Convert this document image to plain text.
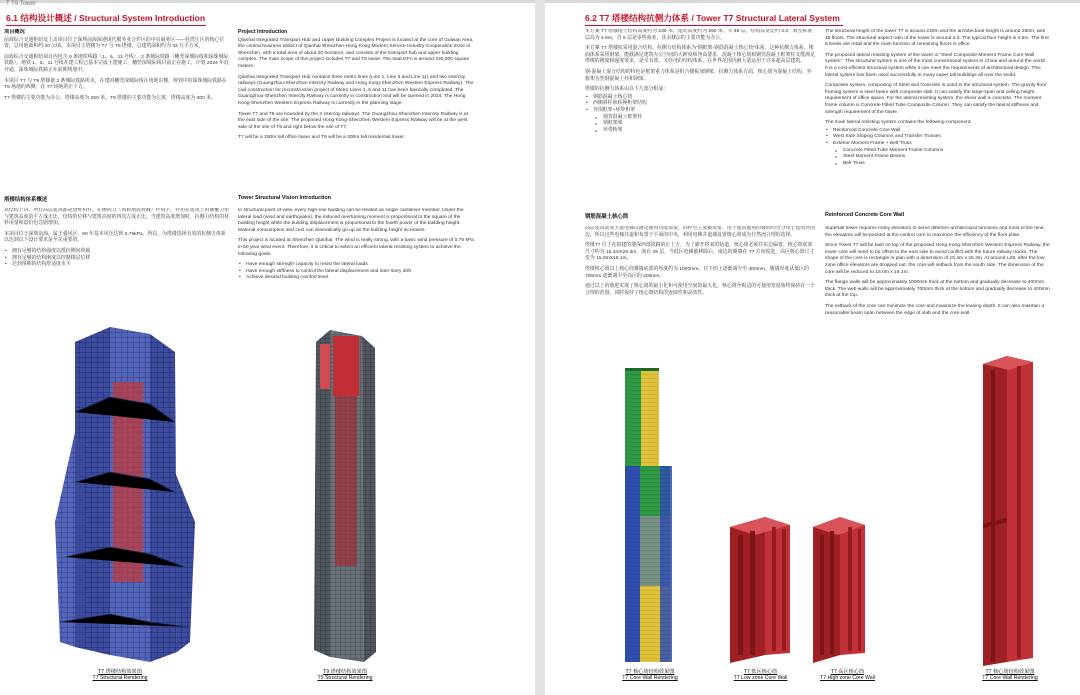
T T9 Tower
6.1 结构设计概述 / Structural System Introduction
项目概况

前海综合交通枢纽及上盖项目位于深圳前海深港现代服务业合作区的中央商务区——桂湾片区的核心位置，总用地面积约 20 公顷。本项目主塔楼为 T7 与 T9 塔楼，总建筑面积约为 33 万平方米。

前海综合交通枢纽项目内包含 9 条地铁线路（1、5、11 号线），2 条城际铁路（穗莞深城际线和深珠城际铁路）。地铁 1、5、11 号线在建工程已基本完成土建施工，穗莞深城际线目前正在施工，计划 2024 年底开通，深珠城际铁路正在前期规划中。

本项目 T7 与 T9 塔楼被 2 条城际铁路所夹，在建的穗莞深城际线在场地东侧，规划中的深珠城际铁路在 T9 场地的西侧，在 T7 场地的正下方。

T7 塔楼的主要功能为办公，塔楼高度为 250 米。T9 塔楼的主要功能为公寓，塔楼高度为 300 米。

Project Introduction

Qianhai Integrated Transport Hub and Upper Building Complex Project is located at the core of Guiwan Area, the central business district of Qianhai Shenzhen-Hong Kong Modern Service Industry Cooperation Zone in Shenzhen, with a total area of about 20 hectares, and consists of the transport hub and upper building complex. The main scope of this project includes T7 and T9 tower. The total GFA is around 330,000 square meters.

Qianhai Integrated Transport Hub contains three metro lines (Line 1, Line 5 and Line 11) and two intercity railways (Guangzhou-Shenzhen Intercity Railway and Hong Kong-Shenzhen Western Express Railway). The civil construction for reconstruction project of Metro Lines 1, 5 and 11 has been basically completed. The Guangzhou-Shenzhen Intercity Railway is currently in construction and will be opened in 2024. The Hong Kong-Shenzhen Western Express Railway is currently in the planning stage.

Tower T7 and T9 are bounded by the 2 intercity railways. The Guangzhou-Shenzhen Intercity Railway is at the east side of the site. The proposed Hong Kong-Shenzhen Western Express Railway will be at the west side of the site of T9 and right below the site of T7.

T7 will be a 250m tall office tower and T9 will be a 300m tall residential tower.

塔楼结构体系概述

从结构上讲，所有高层建筑都是悬臂构件。在侧向力（风和地震荷载）作用下，作用在建筑上的倾覆力矩与建筑高度的平方成正比，结构的位移与建筑高度的四次方成正比。当建筑高度增加时，抗侧力结构的材料用量和造价也急剧增加。

本项目位于深圳前海，属于强风区，50 年基本风压达到 0.75kPa。所以，为塔楼选择有效的抗侧力体系以达到以下设计要求是至关重要的。

• 拥有足够的结构强度以抵抗侧向荷载
• 拥有足够的结构刚度以控制楼层位移
• 达到预期的结构舒适度水平
Tower Structural Vision Introduction

In structural point of view, every high-rise building can be treated as single cantilever member. Under the lateral load (wind and earthquake), the induced overturning moment is proportional to the square of the building height while the building displacement is proportional to the fourth power of the building height. Material consumption and cost can dramatically go up as the building height increases.

This project is located at Shenzhen Qianhai. The wind is really strong, with a basic wind pressure of 0.75 kPa in 50 year wind event. Therefore, it is critical to select an efficient lateral resisting system to achieve the following goals.

• Have enough strength capacity to resist the lateral loads
• Have enough stiffness to control the lateral displacement and inter-story drift.
• Achieve desired building comfort level.
T7 塔楼结构效果图
T7 Structural Rendering
T9 塔楼结构效果图
T9 Structural Rendering
6.2 T7 塔楼结构抗侧力体系 / Tower T7 Structural Lateral System

本方案 T7 塔楼地上结构高度约为 230 米，建筑高度约为 250 米，共 48 层，结构高宽比约 4.3，典型标准层高为 4.5m，首 5 层是零售商业，其余楼层的主要功能为办公。

本方案 T7 塔楼拟采用混合结构，抗侧力结构体系为“钢框架-钢筋混凝土核心筒”体系，这种抗侧力体系，楼面体系采用钢梁，能截满足建筑办公空间的大跨度和净高要求，混凝土核心筒和钢管混凝土框架柱又能满足塔楼的刚度和强度要求，是又有效、又经济的结构体系，在世界范围内被大量运用于许多超高层建筑。

钢-混凝土混合结构的特色是框架重力体系是组合楼板加钢梁，抗侧力体系方面，核心筒为混凝土结构，外框架为型钢混凝土柱和钢梁。

塔楼的抗侧力体系由以下几部分组成：

• 钢筋混凝土核心筒
• 西侧斜柱和转换桁架结构
• 外围框架+环带桁架
o 钢管混凝土框架柱
o 钢框架梁
o 环带桁架

The structural height of the tower T7 is around 230m and the architectural height is around 250m, with 48 floors. The structural aspect ratio of the tower is around 4.3. The typical floor height is 4.5m. The first 5 levels are retail and the main function of remaining floors is office.

The proposed lateral resisting system of the tower is "Steel Composite Moment Frame Core Wall system". This structural system is one of the most conventional system in China and around the world. It is a cost-efficient structural system while it can meet the requirements of architectural design. This lateral system has been used successfully in many super tall buildings all over the world.

Composite system, composing of Steel and Concrete is used in the structural system. The gravity floor framing system is steel beam with composite slab. It can satisfy the large-span and ceiling height requirement of office space. For the lateral resisting system, the shear wall is concrete. The moment frame column is Concrete Filled Tube Composite Column. They can satisfy the lateral stiffness and strength requirement of the tower.

The main lateral resisting system contains the following component:

• Reinforced Concrete Core Wall
• West Side Sloping Columns and Transfer Trusses
• Exterior Moment Frame + Belt Truss
o Concrete Filled Tube Moment Frame Columns
o Steel Moment Frame Beams
o Belt Truss
钢筋混凝土核心筒	Reinforced Concrete Core Wall

高层建筑需要大量电梯以满足使用功能需要，同样也主要被需要，用于建筑使用的楼面均匀分布于建筑外围边，所以这些电梯井道和布置于平面的中央，利用电梯井道墙设置核心筒成为自然而合理的选择。

塔楼T7 位于在拟建的港深西部铁路的正上方，为了避开将来的轨道，核心筒必须往东边偏置。核心筒底部尺寸约为 15.4mX26.3m，而在 29 层，当低区电梯被移除后，南边的翼墙在 T7 方向收进，高区核心筒尺寸变为 15.0mX16.1m。

塔楼核心筒以上核心筒翼墙底部的厚度约为 1000mm，自下而上逐渐减少至 400mm。腹墙厚度从低区的 700mm 逐渐减少至高区的 400mm。

通过以上的收进实现了核心筒的最小化和可使用空间的最大化。核心筒至板边的可使用宽度始终保持在一个合理的范围，同时保持了核心筒结构的连续性和高效性。

Supertall tower requires many elevators to serve different architectural functions and most of the time, the elevators will be packed at the central core to maximize the efficiency of the floor plate.

Since Tower T7 will be built on top of the proposed Hong Kong-Shenzhen Western Express Railway, the tower core will need to be offset to the east side to avoid conflict with the future railway tracks. The shape of the core is rectangle in plan with a dimension of 15.4m x 26.3m. At around L29, after the low zone office elevators are dropped out, the core will setback from the south side. The dimension of the core will be reduced to 15.0m x 16.1m.

The flange walls will be approximately 1000mm thick at the bottom and gradually decrease to 400mm thick. The web walls will be approximately 700mm thick at the bottom and gradually decrease to 400mm thick at the top.

The setback of the core can minimize the core and maximize the leasing depth. It can also maintain a reasonable beam span between the edge of slab and the core wall.

T7 核心筒结构效果图
T7 Core Wall Rendering
T7 低区核心筒
T7 Low zone Core Wall
T7 高区核心筒
T7 High zone Core Wall
T7 核心筒结构效果图
T7 Core Wall Rendering
